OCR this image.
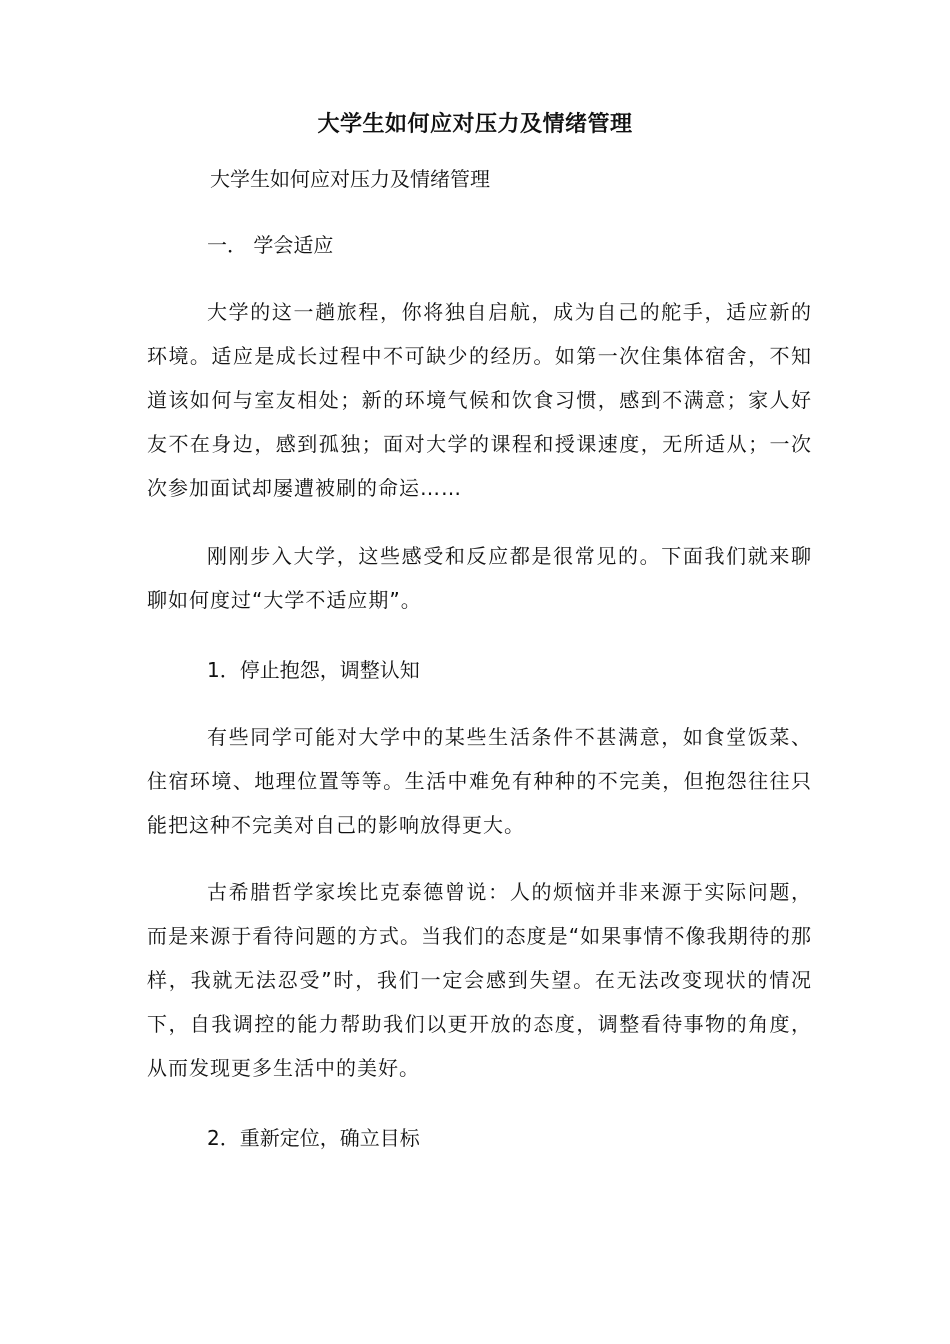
大学生如何应对压力及情绪管理
大学生如何应对压力及情绪管理
一． 学会适应
大学的这一趟旅程，你将独自启航，成为自己的舵手，适应新的环境。适应是成长过程中不可缺少的经历。如第一次住集体宿舍，不知道该如何与室友相处；新的环境气候和饮食习惯，感到不满意；家人好友不在身边，感到孤独；面对大学的课程和授课速度，无所适从；一次次参加面试却屡遭被刷的命运……
刚刚步入大学，这些感受和反应都是很常见的。下面我们就来聊聊如何度过“大学不适应期”。
1．停止抱怨，调整认知
有些同学可能对大学中的某些生活条件不甚满意，如食堂饭菜、住宿环境、地理位置等等。生活中难免有种种的不完美，但抱怨往往只能把这种不完美对自己的影响放得更大。
古希腊哲学家埃比克泰德曾说：人的烦恼并非来源于实际问题，而是来源于看待问题的方式。当我们的态度是“如果事情不像我期待的那样，我就无法忍受”时，我们一定会感到失望。在无法改变现状的情况下，自我调控的能力帮助我们以更开放的态度，调整看待事物的角度，从而发现更多生活中的美好。
2．重新定位，确立目标
